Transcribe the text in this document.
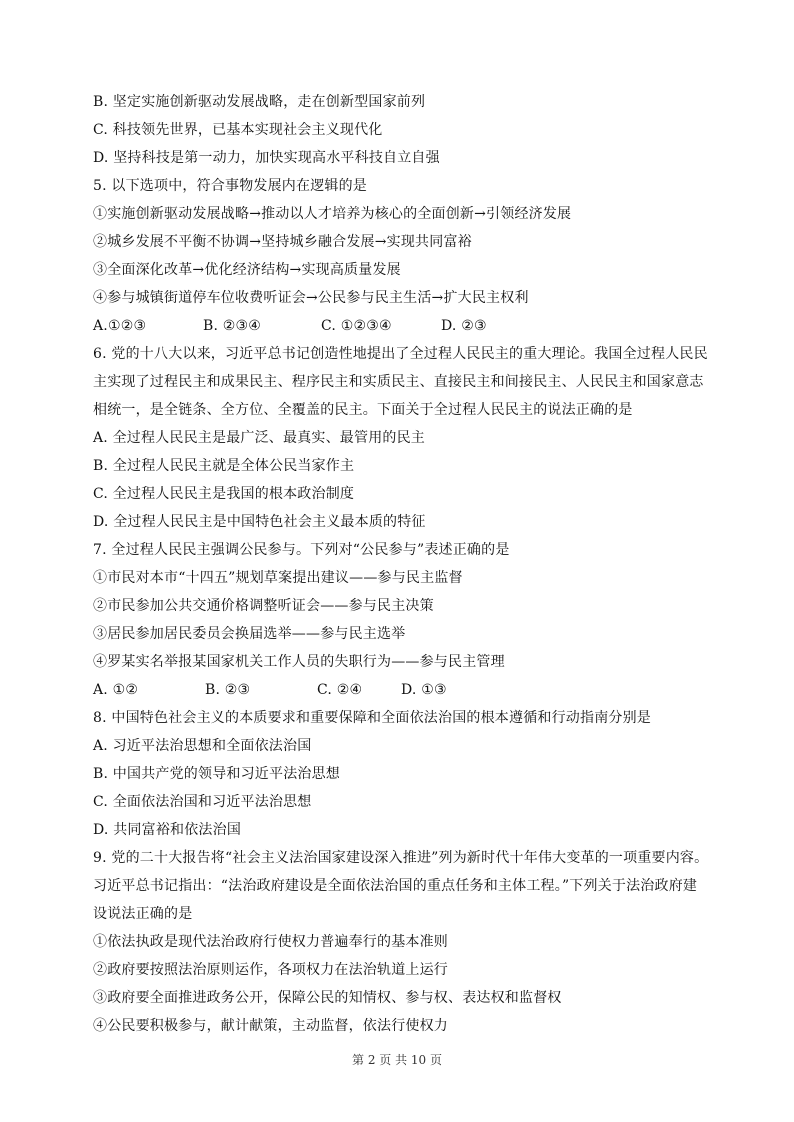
B. 坚定实施创新驱动发展战略，走在创新型国家前列
C. 科技领先世界，已基本实现社会主义现代化
D. 坚持科技是第一动力，加快实现高水平科技自立自强
5. 以下选项中，符合事物发展内在逻辑的是
①实施创新驱动发展战略→推动以人才培养为核心的全面创新→引领经济发展
②城乡发展不平衡不协调→坚持城乡融合发展→实现共同富裕
③全面深化改革→优化经济结构→实现高质量发展
④参与城镇街道停车位收费听证会→公民参与民主生活→扩大民主权利
A.①②③	B. ②③④	C. ①②③④	D. ②③
6. 党的十八大以来，习近平总书记创造性地提出了全过程人民民主的重大理论。我国全过程人民民
主实现了过程民主和成果民主、程序民主和实质民主、直接民主和间接民主、人民民主和国家意志
相统一，是全链条、全方位、全覆盖的民主。下面关于全过程人民民主的说法正确的是
A. 全过程人民民主是最广泛、最真实、最管用的民主
B. 全过程人民民主就是全体公民当家作主
C. 全过程人民民主是我国的根本政治制度
D. 全过程人民民主是中国特色社会主义最本质的特征
7. 全过程人民民主强调公民参与。下列对“公民参与”表述正确的是
①市民对本市“十四五”规划草案提出建议——参与民主监督
②市民参加公共交通价格调整听证会——参与民主决策
③居民参加居民委员会换届选举——参与民主选举
④罗某实名举报某国家机关工作人员的失职行为——参与民主管理
A. ①②	B. ②③	C. ②④	D. ①③
8. 中国特色社会主义的本质要求和重要保障和全面依法治国的根本遵循和行动指南分别是
A. 习近平法治思想和全面依法治国
B. 中国共产党的领导和习近平法治思想
C. 全面依法治国和习近平法治思想
D. 共同富裕和依法治国
9. 党的二十大报告将“社会主义法治国家建设深入推进”列为新时代十年伟大变革的一项重要内容。
习近平总书记指出：“法治政府建设是全面依法治国的重点任务和主体工程。”下列关于法治政府建
设说法正确的是
①依法执政是现代法治政府行使权力普遍奉行的基本准则
②政府要按照法治原则运作，各项权力在法治轨道上运行
③政府要全面推进政务公开，保障公民的知情权、参与权、表达权和监督权
④公民要积极参与，献计献策，主动监督，依法行使权力
第 2 页 共 10 页
